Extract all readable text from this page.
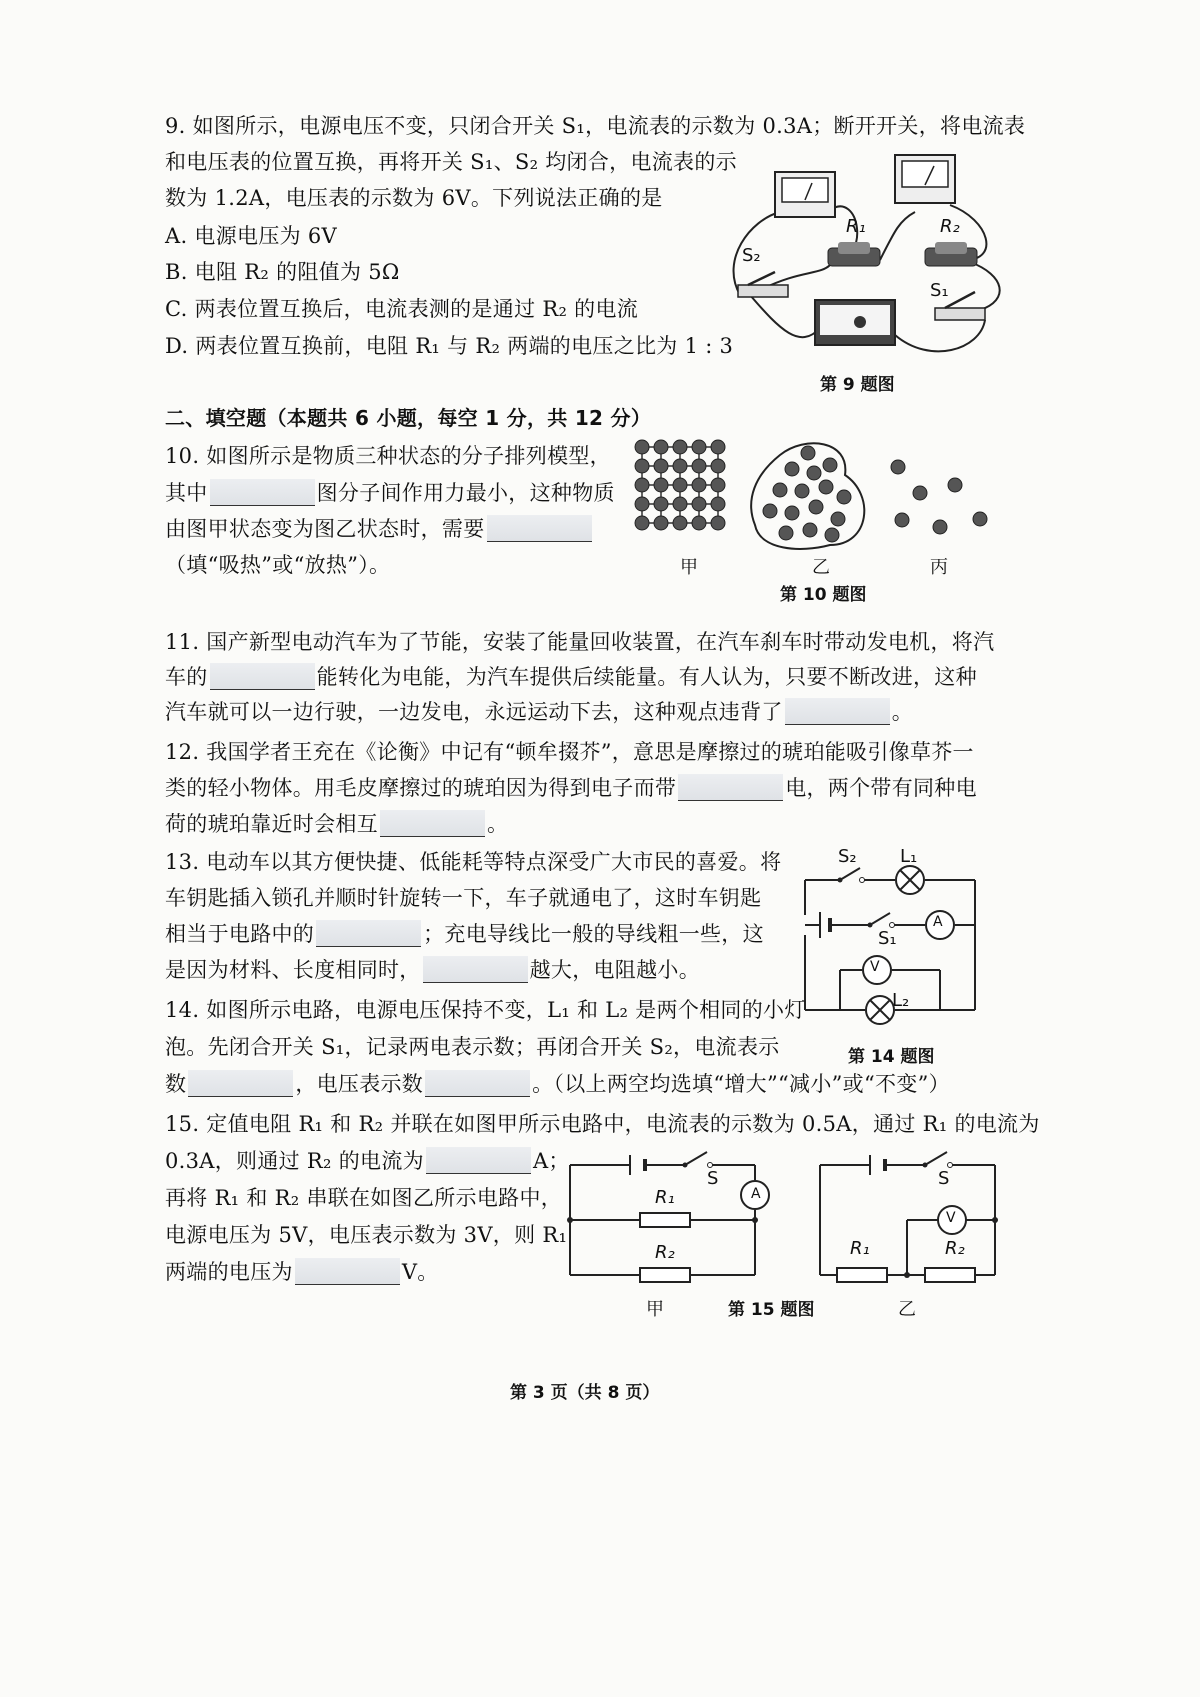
9. 如图所示，电源电压不变，只闭合开关 S₁，电流表的示数为 0.3A；断开开关，将电流表
和电压表的位置互换，再将开关 S₁、S₂ 均闭合，电流表的示
数为 1.2A，电压表的示数为 6V。下列说法正确的是
A. 电源电压为 6V
B. 电阻 R₂ 的阻值为 5Ω
C. 两表位置互换后，电流表测的是通过 R₂ 的电流
D. 两表位置互换前，电阻 R₁ 与 R₂ 两端的电压之比为 1 : 3
R₁	R₂
S₂
S₁
第 9 题图
二、填空题（本题共 6 小题，每空 1 分，共 12 分）
10. 如图所示是物质三种状态的分子排列模型，
其中	图分子间作用力最小，这种物质
由图甲状态变为图乙状态时，需要
（填“吸热”或“放热”）。	甲	乙	丙
第 10 题图
11. 国产新型电动汽车为了节能，安装了能量回收装置，在汽车刹车时带动发电机，将汽
车的	能转化为电能，为汽车提供后续能量。有人认为，只要不断改进，这种
汽车就可以一边行驶，一边发电，永远运动下去，这种观点违背了	。
12. 我国学者王充在《论衡》中记有“顿牟掇芥”，意思是摩擦过的琥珀能吸引像草芥一
类的轻小物体。用毛皮摩擦过的琥珀因为得到电子而带	电，两个带有同种电
荷的琥珀靠近时会相互	。
13. 电动车以其方便快捷、低能耗等特点深受广大市民的喜爱。将
车钥匙插入锁孔并顺时针旋转一下，车子就通电了，这时车钥匙
相当于电路中的	；充电导线比一般的导线粗一些，这
是因为材料、长度相同时，	越大，电阻越小。
S₂ L₁
S₁
A
V
L₂
第 14 题图
14. 如图所示电路，电源电压保持不变，L₁ 和 L₂ 是两个相同的小灯
泡。先闭合开关 S₁，记录两电表示数；再闭合开关 S₂，电流表示
数	，电压表示数	。（以上两空均选填“增大”“减小”或“不变”）
15. 定值电阻 R₁ 和 R₂ 并联在如图甲所示电路中，电流表的示数为 0.5A，通过 R₁ 的电流为
0.3A，则通过 R₂ 的电流为	A；
再将 R₁ 和 R₂ 串联在如图乙所示电路中，
电源电压为 5V，电压表示数为 3V，则 R₁
两端的电压为	V。
S
A
R₁
R₂
甲
S
V
R₁	R₂
乙
第 15 题图
第 3 页（共 8 页）
